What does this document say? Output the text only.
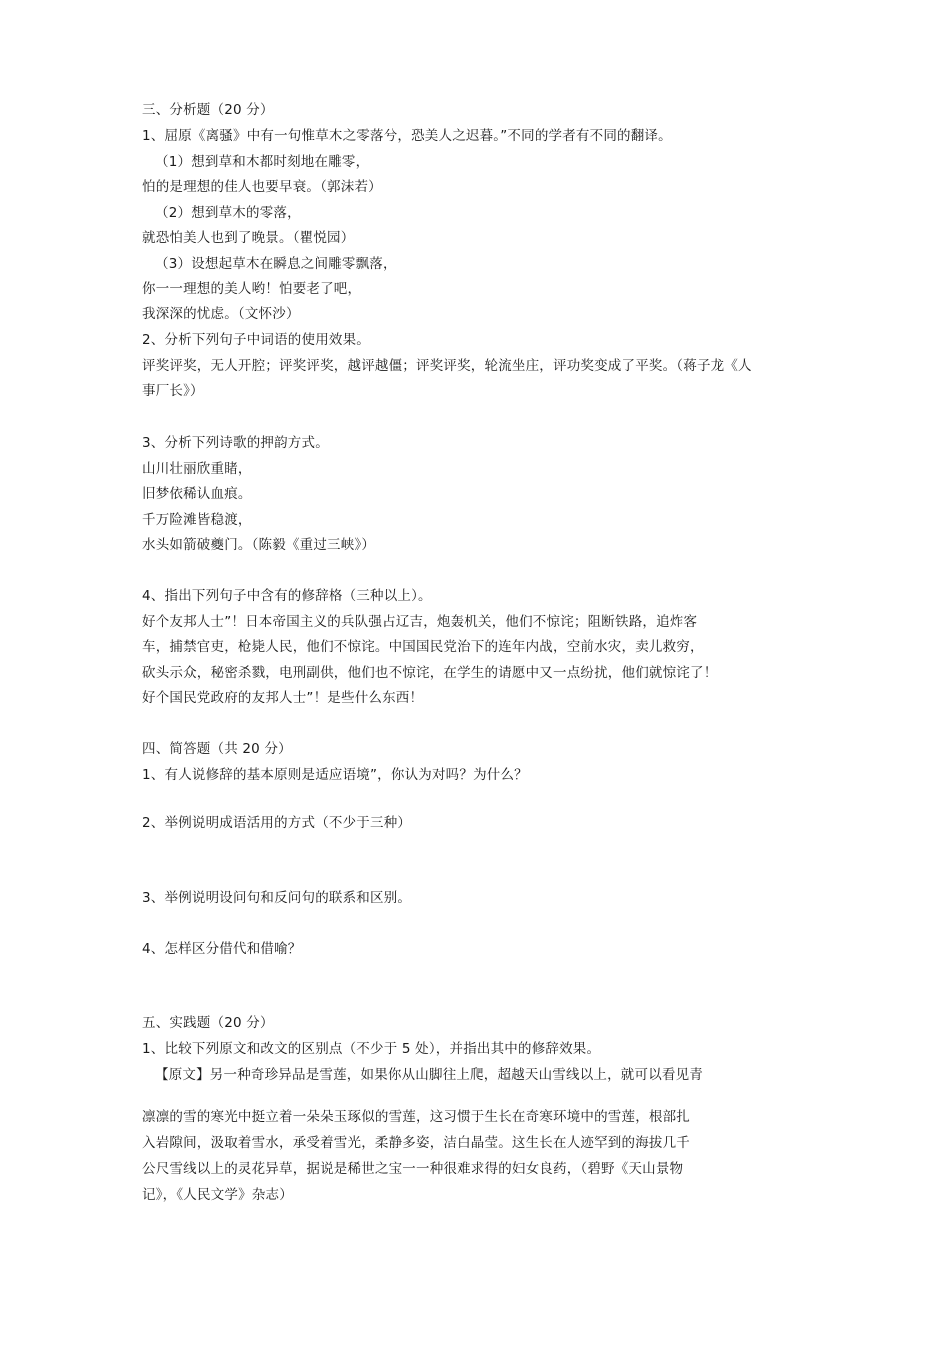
三、分析题（20 分）
1、屈原《离骚》中有一句惟草木之零落兮，恐美人之迟暮。”不同的学者有不同的翻译。
（1）想到草和木都时刻地在雕零，
怕的是理想的佳人也要早衰。（郭沫若）
（2）想到草木的零落，
就恐怕美人也到了晚景。（瞿悦园）
（3）设想起草木在瞬息之间雕零飘落，
你一一理想的美人哟！怕要老了吧，
我深深的忧虑。（文怀沙）
2、分析下列句子中词语的使用效果。
评奖评奖，无人开腔；评奖评奖，越评越僵；评奖评奖，轮流坐庄，评功奖变成了平奖。（蒋子龙《人
事厂长》）
3、分析下列诗歌的押韵方式。
山川壮丽欣重睹，
旧梦依稀认血痕。
千万险滩皆稳渡，
水头如箭破夔门。（陈毅《重过三峡》）
4、指出下列句子中含有的修辞格（三种以上）。
好个友邦人士”！日本帝国主义的兵队强占辽吉，炮轰机关，他们不惊诧；阻断铁路，追炸客
车，捕禁官吏，枪毙人民，他们不惊诧。中国国民党治下的连年内战，空前水灾，卖儿救穷，
砍头示众，秘密杀戮，电刑副供，他们也不惊诧，在学生的请愿中又一点纷扰，他们就惊诧了！
好个国民党政府的友邦人士”！是些什么东西！
四、简答题（共 20 分）
1、有人说修辞的基本原则是适应语境”，你认为对吗？为什么？
2、举例说明成语活用的方式（不少于三种）
3、举例说明设问句和反问句的联系和区别。
4、怎样区分借代和借喻？
五、实践题（20 分）
1、比较下列原文和改文的区别点（不少于 5 处），并指出其中的修辞效果。
【原文】另一种奇珍异品是雪莲，如果你从山脚往上爬，超越天山雪线以上，就可以看见青
凛凛的雪的寒光中挺立着一朵朵玉琢似的雪莲，这习惯于生长在奇寒环境中的雪莲，根部扎
入岩隙间，汲取着雪水，承受着雪光，柔静多姿，洁白晶莹。这生长在人迹罕到的海拔几千
公尺雪线以上的灵花异草，据说是稀世之宝一一种很难求得的妇女良药，（碧野《天山景物
记》，《人民文学》杂志）
